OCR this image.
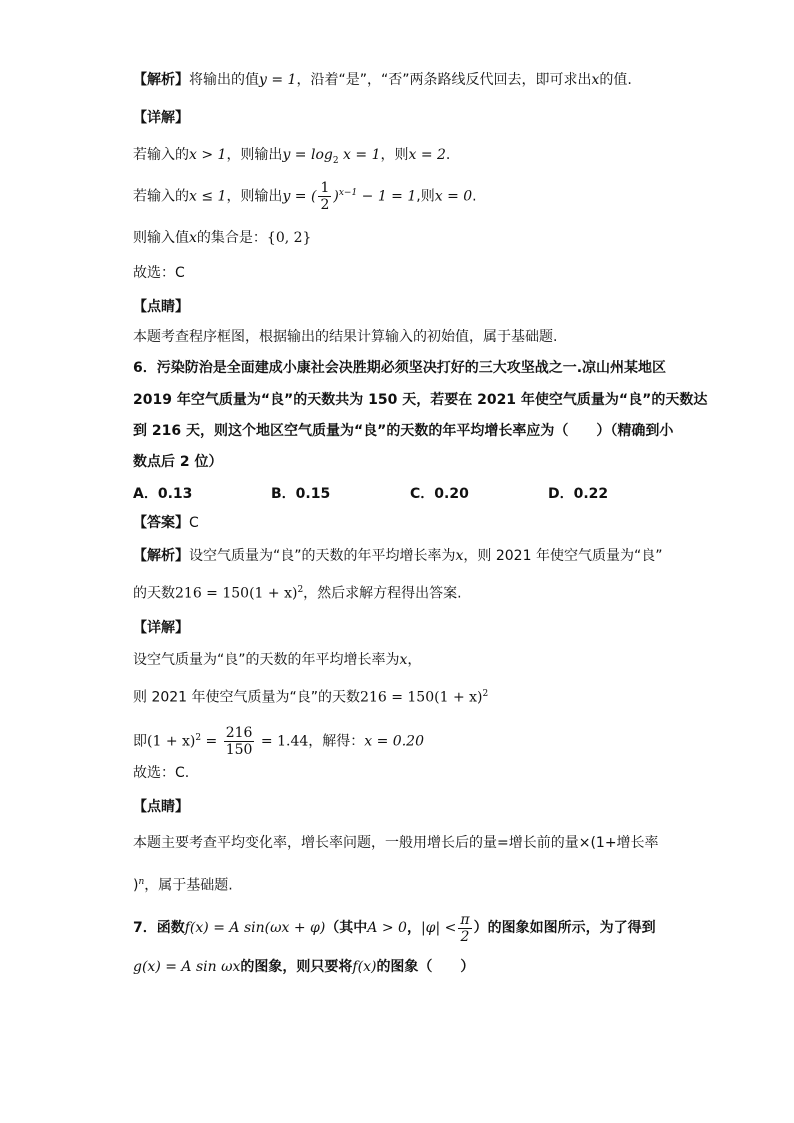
【解析】将输出的值y = 1，沿着“是”，“否”两条路线反代回去，即可求出x的值.
【详解】
若输入的x > 1，则输出$y = \log_2 x = 1$，则x = 2.
若输入的x ≤ 1，则输出y = ( $\frac{1}{2} )^{x-1} - 1 = 1$,则x = 0.
则输入值x的集合是：{0, 2}
故选：C
【点睛】
本题考查程序框图，根据输出的结果计算输入的初始值，属于基础题.
6．污染防治是全面建成小康社会决胜期必须坚决打好的三大攻坚战之一.凉山州某地区
2019 年空气质量为“良”的天数共为 150 天，若要在 2021 年使空气质量为“良”的天数达
到 216 天，则这个地区空气质量为“良”的天数的年平均增长率应为（　　）（精确到小
数点后 2 位）
A．0.13	B．0.15	C．0.20	D．0.22
【答案】C
【解析】设空气质量为“良”的天数的年平均增长率为x，则 2021 年使空气质量为“良”
的天数$216 = 150(1 + x)^2$，然后求解方程得出答案.
【详解】
设空气质量为“良”的天数的年平均增长率为x，
则 2021 年使空气质量为“良”的天数$216 = 150(1 + x)^2$
即$(1 + x)^2 = \frac{216}{150} = 1.44$，解得：x = 0.20
故选：C.
【点睛】
本题主要考查平均变化率，增长率问题，一般用增长后的量=增长前的量×(1+增长率
)$^n$，属于基础题.
7．函数f(x) = A sin(ωx + φ)（其中A > 0，$|\varphi| < \frac{\pi}{2}$ ）的图象如图所示，为了得到
g(x) = A sin ωx的图象，则只要将f(x)的图象（　　）
